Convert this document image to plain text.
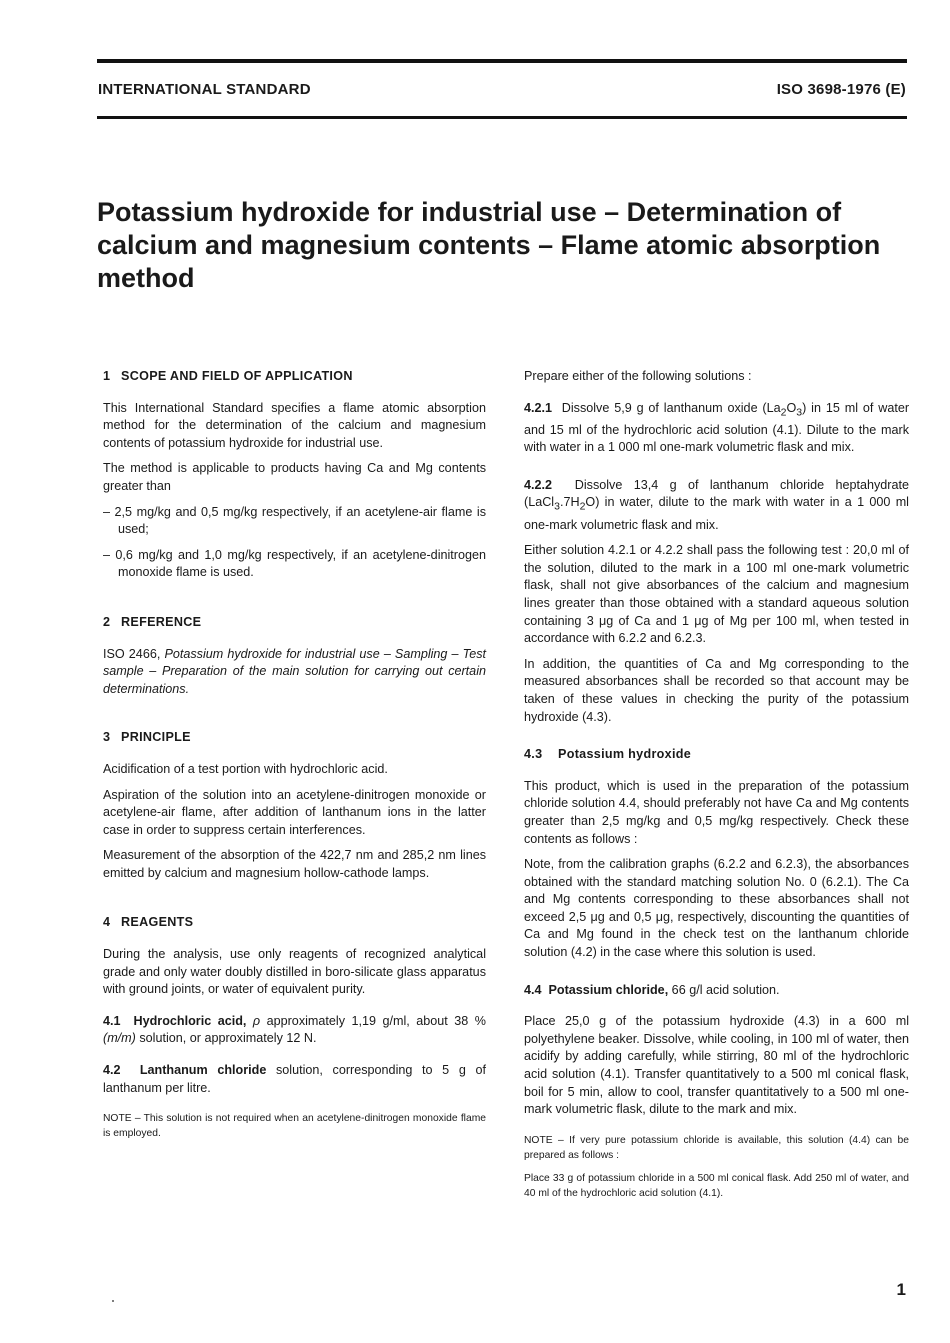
INTERNATIONAL STANDARD	ISO 3698-1976 (E)
Potassium hydroxide for industrial use – Determination of
calcium and magnesium contents – Flame atomic absorption
method

1 SCOPE AND FIELD OF APPLICATION

This International Standard specifies a flame atomic absorption method for the determination of the calcium and magnesium contents of potassium hydroxide for industrial use.

The method is applicable to products having Ca and Mg contents greater than

– 2,5 mg/kg and 0,5 mg/kg respectively, if an acetylene-air flame is used;

– 0,6 mg/kg and 1,0 mg/kg respectively, if an acetylene-dinitrogen monoxide flame is used.

2 REFERENCE

ISO 2466, Potassium hydroxide for industrial use – Sampling – Test sample – Preparation of the main solution for carrying out certain determinations.

3 PRINCIPLE

Acidification of a test portion with hydrochloric acid.

Aspiration of the solution into an acetylene-dinitrogen monoxide or acetylene-air flame, after addition of lanthanum ions in the latter case in order to suppress certain interferences.

Measurement of the absorption of the 422,7 nm and 285,2 nm lines emitted by calcium and magnesium hollow-cathode lamps.

4 REAGENTS

During the analysis, use only reagents of recognized analytical grade and only water doubly distilled in boro-silicate glass apparatus with ground joints, or water of equivalent purity.

4.1 Hydrochloric acid, ρ approximately 1,19 g/ml, about 38 % (m/m) solution, or approximately 12 N.

4.2 Lanthanum chloride solution, corresponding to 5 g of lanthanum per litre.

NOTE – This solution is not required when an acetylene-dinitrogen monoxide flame is employed.

Prepare either of the following solutions :

4.2.1 Dissolve 5,9 g of lanthanum oxide $(La_2O_3)$ in 15 ml of water and 15 ml of the hydrochloric acid solution (4.1). Dilute to the mark with water in a 1 000 ml one-mark volumetric flask and mix.

4.2.2 Dissolve 13,4 g of lanthanum chloride heptahydrate $(LaCl_3.7H_2O)$ in water, dilute to the mark with water in a 1 000 ml one-mark volumetric flask and mix.

Either solution 4.2.1 or 4.2.2 shall pass the following test : 20,0 ml of the solution, diluted to the mark in a 100 ml one-mark volumetric flask, shall not give absorbances of the calcium and magnesium lines greater than those obtained with a standard aqueous solution containing 3 μg of Ca and 1 μg of Mg per 100 ml, when tested in accordance with 6.2.2 and 6.2.3.

In addition, the quantities of Ca and Mg corresponding to the measured absorbances shall be recorded so that account may be taken of these values in checking the purity of the potassium hydroxide (4.3).

4.3 Potassium hydroxide

This product, which is used in the preparation of the potassium chloride solution 4.4, should preferably not have Ca and Mg contents greater than 2,5 mg/kg and 0,5 mg/kg respectively. Check these contents as follows :

Note, from the calibration graphs (6.2.2 and 6.2.3), the absorbances obtained with the standard matching solution No. 0 (6.2.1). The Ca and Mg contents corresponding to these absorbances shall not exceed 2,5 μg and 0,5 μg, respectively, discounting the quantities of Ca and Mg found in the check test on the lanthanum chloride solution (4.2) in the case where this solution is used.

4.4 Potassium chloride, 66 g/l acid solution.

Place 25,0 g of the potassium hydroxide (4.3) in a 600 ml polyethylene beaker. Dissolve, while cooling, in 100 ml of water, then acidify by adding carefully, while stirring, 80 ml of the hydrochloric acid solution (4.1). Transfer quantitatively to a 500 ml conical flask, boil for 5 min, allow to cool, transfer quantitatively to a 500 ml one-mark volumetric flask, dilute to the mark and mix.

NOTE – If very pure potassium chloride is available, this solution (4.4) can be prepared as follows :

Place 33 g of potassium chloride in a 500 ml conical flask. Add 250 ml of water, and 40 ml of the hydrochloric acid solution (4.1).

1
